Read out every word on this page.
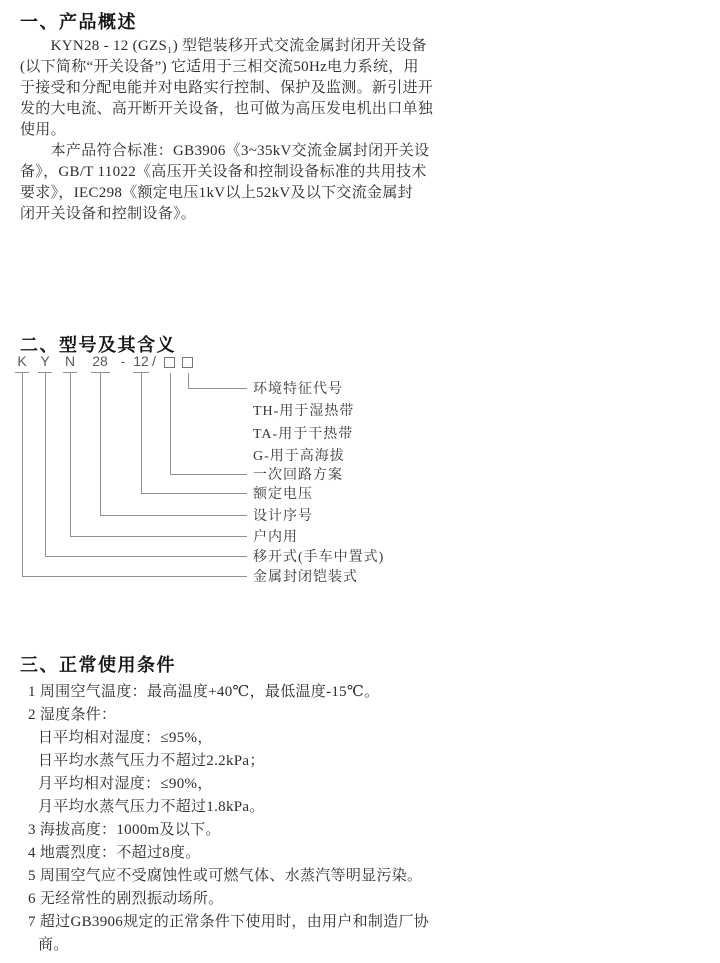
一、产品概述
　　KYN28 - 12 (GZS₁) 型铠装移开式交流金属封闭开关设备
(以下简称“开关设备”) 它适用于三相交流50Hz电力系统，用
于接受和分配电能并对电路实行控制、保护及监测。新引进开
发的大电流、高开断开关设备，也可做为高压发电机出口单独
使用。
　　本产品符合标准：GB3906《3~35kV交流金属封闭开关设
备》，GB/T 11022《高压开关设备和控制设备标准的共用技术
要求》，IEC298《额定电压1kV以上52kV及以下交流金属封
闭开关设备和控制设备》。
二、型号及其含义
K Y N 28 - 12 /
环境特征代号
TH-用于湿热带
TA-用于干热带
G-用于高海拔
一次回路方案
额定电压
设计序号
户内用
移开式(手车中置式)
金属封闭铠装式
三、正常使用条件
1 周围空气温度：最高温度+40℃，最低温度-15℃。
2 湿度条件：
日平均相对湿度：≤95%，
日平均水蒸气压力不超过2.2kPa；
月平均相对湿度：≤90%，
月平均水蒸气压力不超过1.8kPa。
3 海拔高度：1000m及以下。
4 地震烈度：不超过8度。
5 周围空气应不受腐蚀性或可燃气体、水蒸汽等明显污染。
6 无经常性的剧烈振动场所。
7 超过GB3906规定的正常条件下使用时，由用户和制造厂协
商。
